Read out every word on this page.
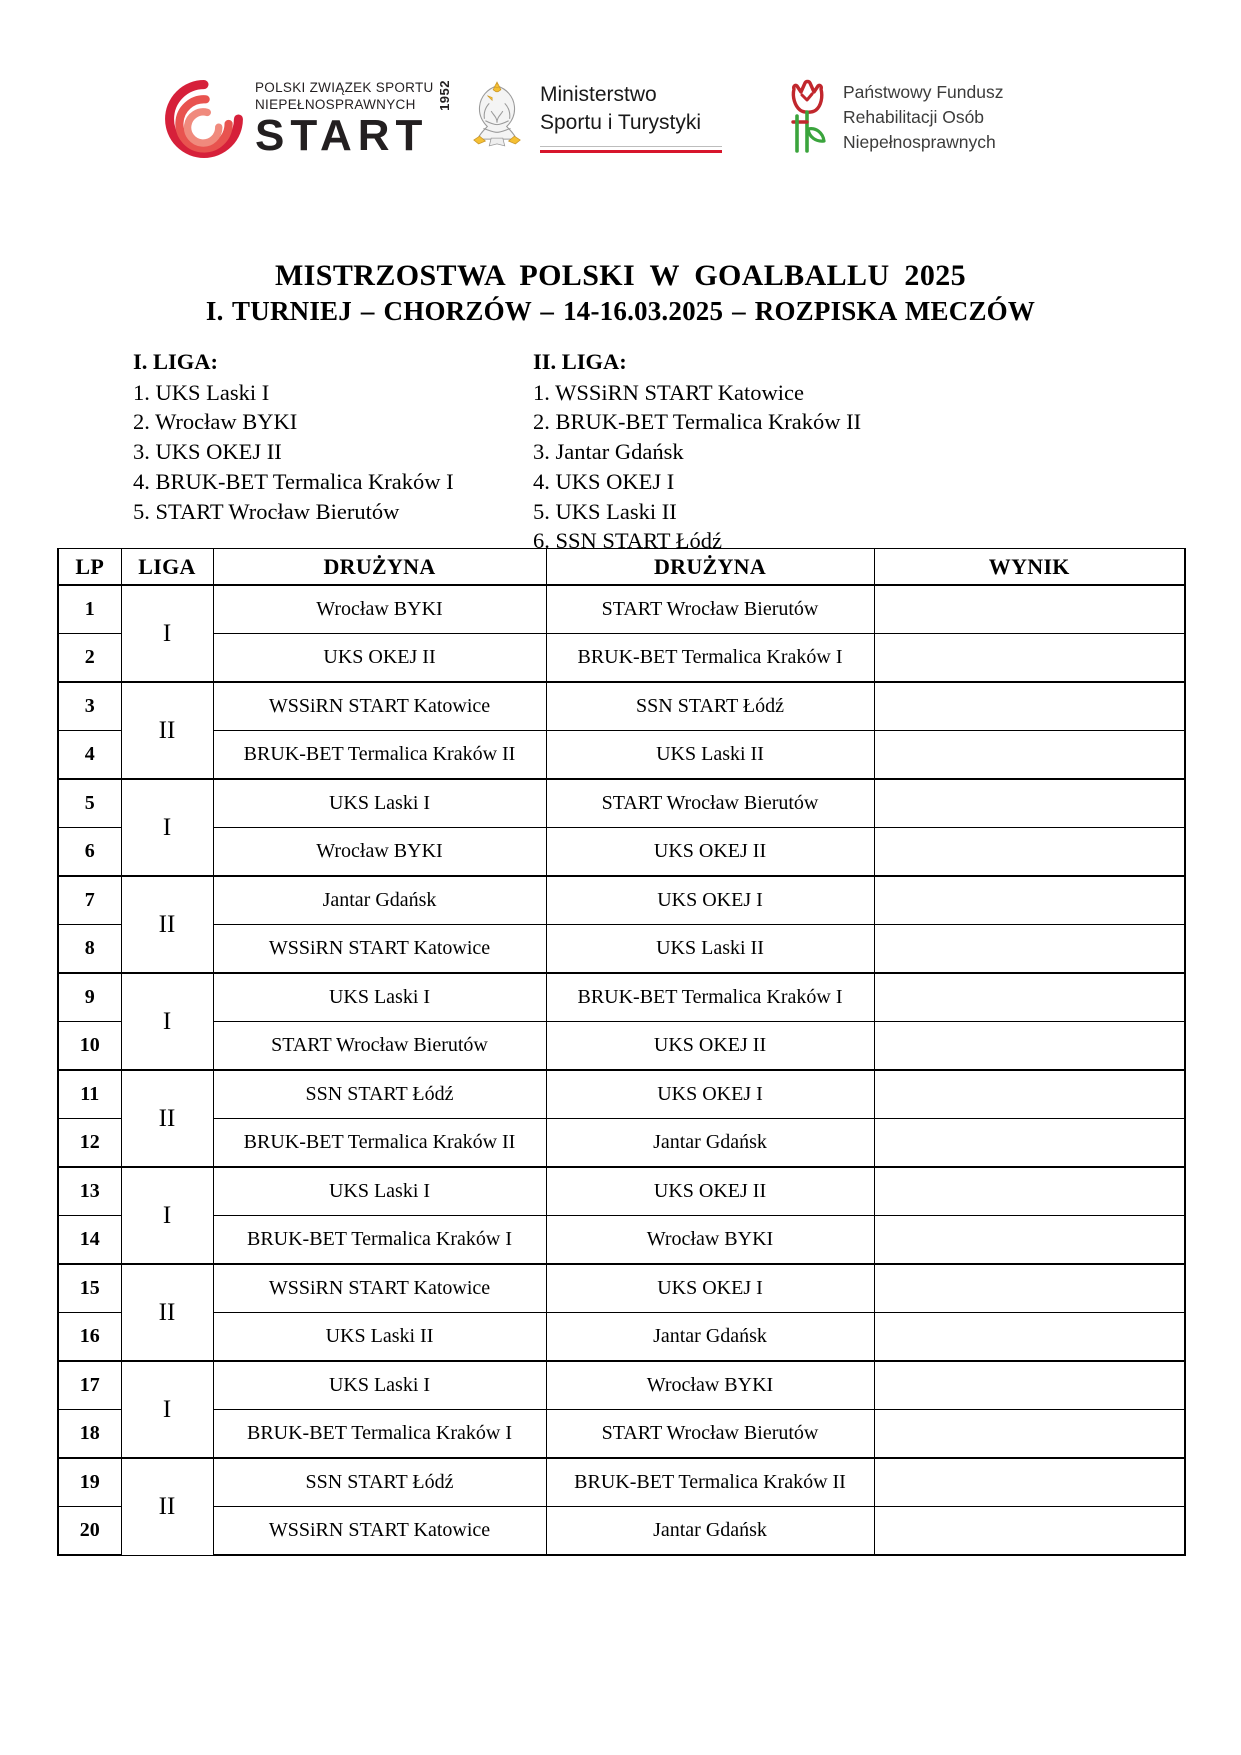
POLSKI ZWIĄZEK SPORTU
NIEPEŁNOSPRAWNYCH	1952
START
Ministerstwo
Sportu i Turystyki
Państwowy Fundusz
Rehabilitacji Osób
Niepełnosprawnych
MISTRZOSTWA POLSKI W GOALBALLU 2025
I. TURNIEJ – CHORZÓW – 14-16.03.2025 – ROZPISKA MECZÓW
I. LIGA:
1. UKS Laski I
2. Wrocław BYKI
3. UKS OKEJ II
4. BRUK-BET Termalica Kraków I
5. START Wrocław Bierutów
II. LIGA:
1. WSSiRN START Katowice
2. BRUK-BET Termalica Kraków II
3. Jantar Gdańsk
4. UKS OKEJ I
5. UKS Laski II
6. SSN START Łódź
LP	LIGA	DRUŻYNA	DRUŻYNA	WYNIK
1	I	Wrocław BYKI	START Wrocław Bierutów	
2		UKS OKEJ II	BRUK-BET Termalica Kraków I	
3	II	WSSiRN START Katowice	SSN START Łódź	
4		BRUK-BET Termalica Kraków II	UKS Laski II	
5	I	UKS Laski I	START Wrocław Bierutów	
6		Wrocław BYKI	UKS OKEJ II	
7	II	Jantar Gdańsk	UKS OKEJ I	
8		WSSiRN START Katowice	UKS Laski II	
9	I	UKS Laski I	BRUK-BET Termalica Kraków I	
10		START Wrocław Bierutów	UKS OKEJ II	
11	II	SSN START Łódź	UKS OKEJ I	
12		BRUK-BET Termalica Kraków II	Jantar Gdańsk	
13	I	UKS Laski I	UKS OKEJ II	
14		BRUK-BET Termalica Kraków I	Wrocław BYKI	
15	II	WSSiRN START Katowice	UKS OKEJ I	
16		UKS Laski II	Jantar Gdańsk	
17	I	UKS Laski I	Wrocław BYKI	
18		BRUK-BET Termalica Kraków I	START Wrocław Bierutów	
19	II	SSN START Łódź	BRUK-BET Termalica Kraków II	
20		WSSiRN START Katowice	Jantar Gdańsk	
